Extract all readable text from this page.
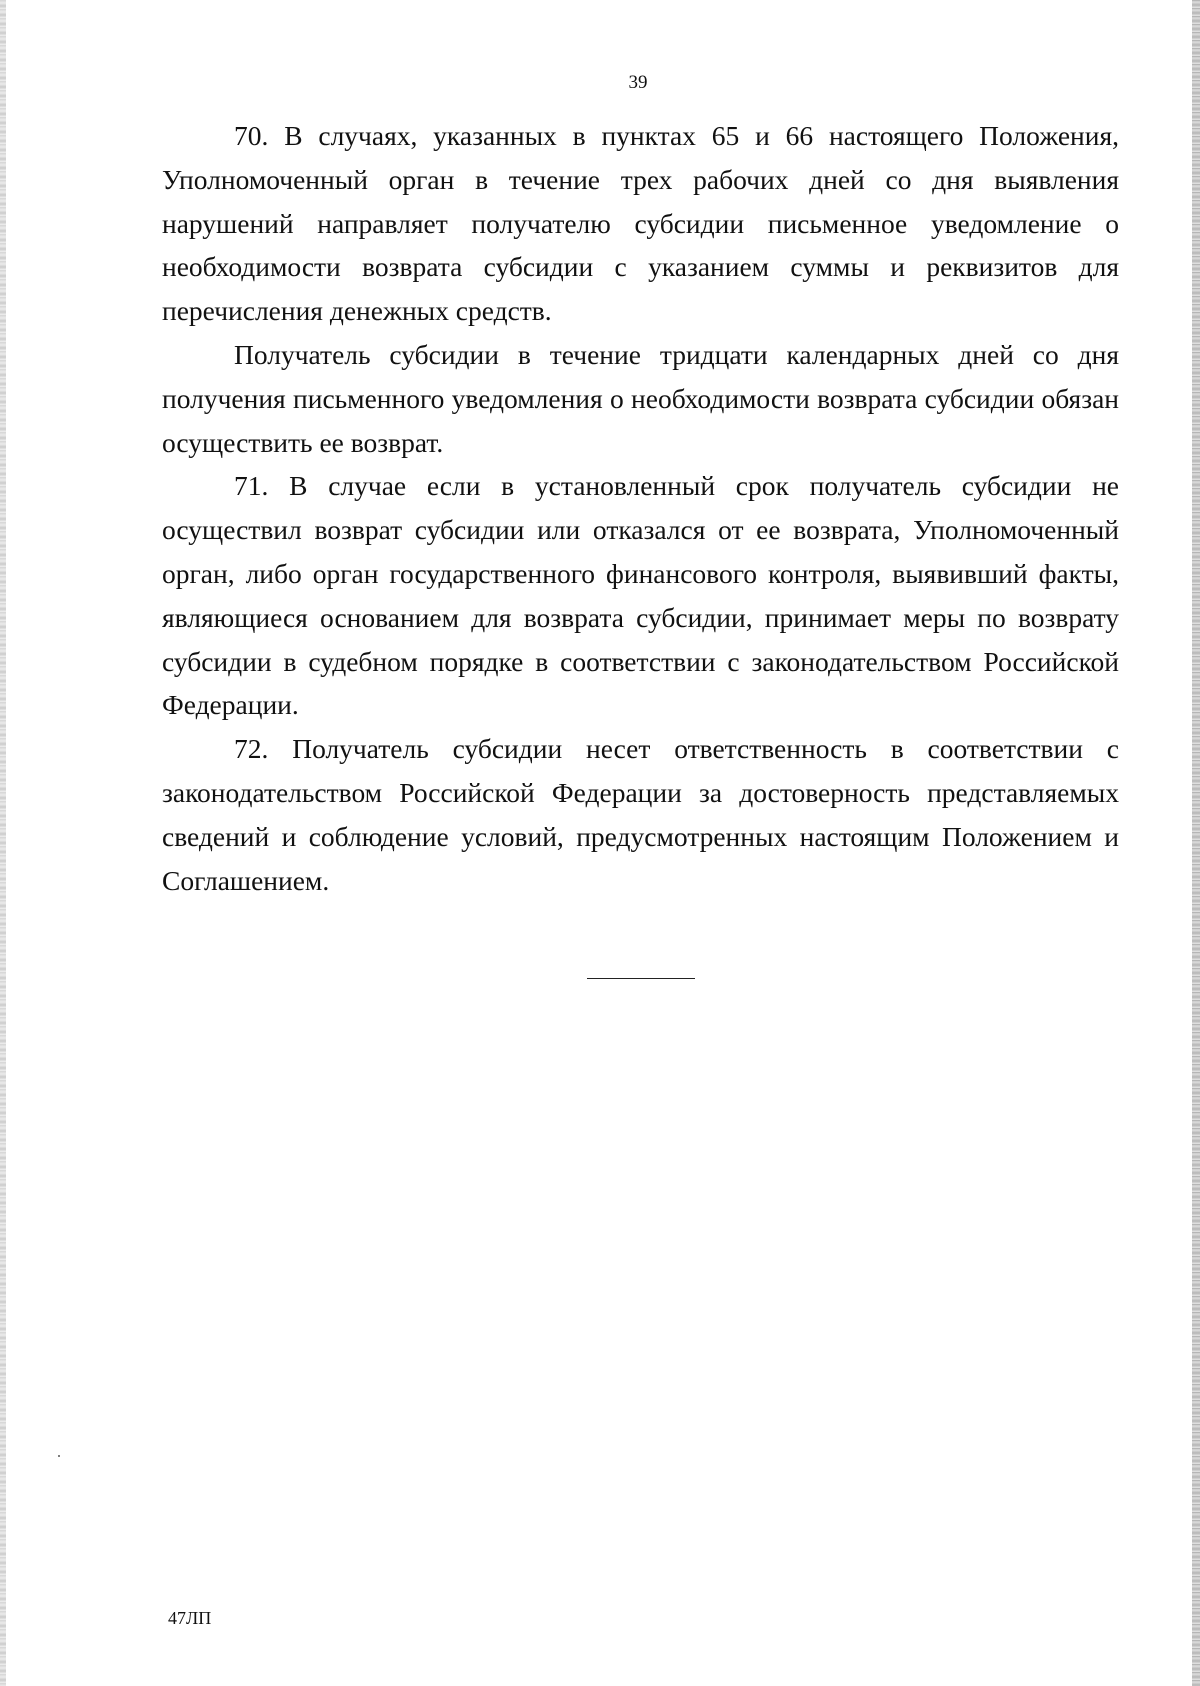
39

70. В случаях, указанных в пунктах 65 и 66 настоящего Положения, Уполномоченный орган в течение трех рабочих дней со дня выявления нарушений направляет получателю субсидии письменное уведомление о необходимости возврата субсидии с указанием суммы и реквизитов для перечисления денежных средств.

Получатель субсидии в течение тридцати календарных дней со дня получения письменного уведомления о необходимости возврата субсидии обязан осуществить ее возврат.

71. В случае если в установленный срок получатель субсидии не осуществил возврат субсидии или отказался от ее возврата, Уполномоченный орган, либо орган государственного финансового контроля, выявивший факты, являющиеся основанием для возврата субсидии, принимает меры по возврату субсидии в судебном порядке в соответствии с законодательством Российской Федерации.

72. Получатель субсидии несет ответственность в соответствии с законодательством Российской Федерации за достоверность представляемых сведений и соблюдение условий, предусмотренных настоящим Положением и Соглашением.

47ЛП
